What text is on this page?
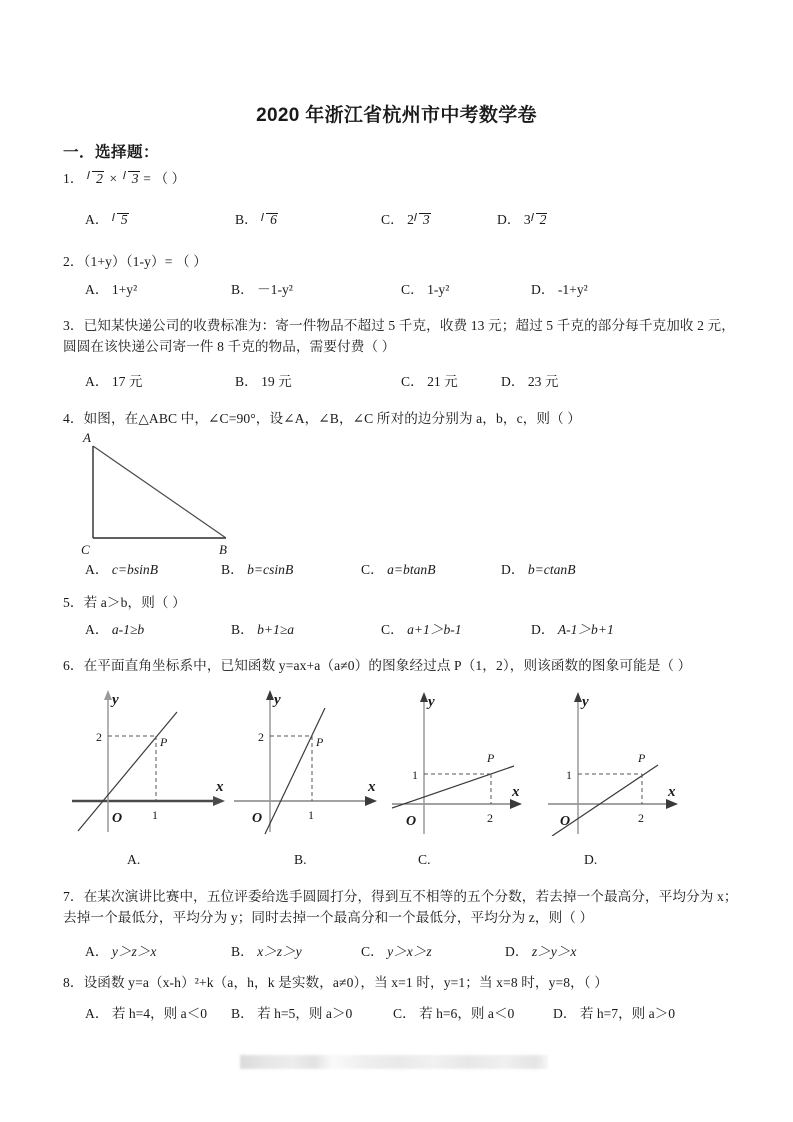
2020 年浙江省杭州市中考数学卷
一．选择题：
1． 2 × 3 = （ ）
A． 5	B． 6	C． 2 3	D． 3 2
2．（1+y）（1-y）= （ ）
A． 1+y²	B． －1-y²	C． 1-y²	D． -1+y²
3．已知某快递公司的收费标准为：寄一件物品不超过 5 千克，收费 13 元；超过 5 千克的部分每千克加收 2 元，圆圆在该快递公司寄一件 8 千克的物品，需要付费（ ）
A． 17 元	B． 19 元	C． 21 元	D． 23 元
4．如图，在△ABC 中，∠C=90°，设∠A，∠B，∠C 所对的边分别为 a，b，c，则（ ）
A
C	B
A． c=bsinB	B． b=csinB	C． a=btanB	D． b=ctanB
5．若 a＞b，则（ ）
A． a-1≥b	B． b+1≥a	C． a+1＞b-1	D． A-1＞b+1
6．在平面直角坐标系中，已知函数 y=ax+a（a≠0）的图象经过点 P（1，2），则该函数的图象可能是（ ）
2
1
O
P
x
y
2
1
O
P
x
y
1
2
O
P
x
y
1
2
O
P
x
y
A.	B.	C.	D.
7．在某次演讲比赛中，五位评委给选手圆圆打分，得到互不相等的五个分数，若去掉一个最高分，平均分为 x；去掉一个最低分，平均分为 y；同时去掉一个最高分和一个最低分，平均分为 z，则（ ）
A． y＞z＞x	B． x＞z＞y	C． y＞x＞z	D． z＞y＞x
8．设函数 y=a（x-h）²+k（a，h，k 是实数，a≠0），当 x=1 时，y=1；当 x=8 时，y=8，（ ）
A． 若 h=4，则 a＜0 B． 若 h=5，则 a＞0	C． 若 h=6，则 a＜0	D． 若 h=7，则 a＞0
